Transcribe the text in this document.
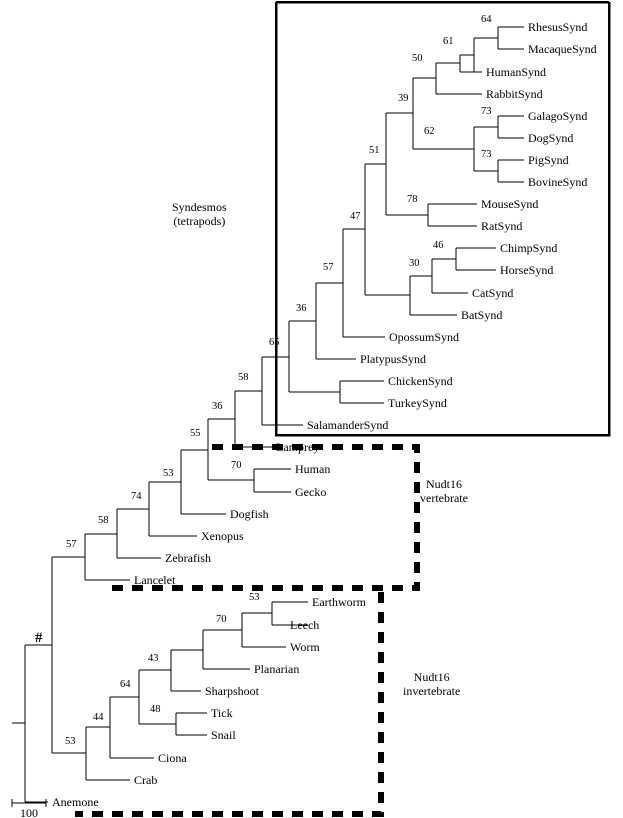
RhesusSynd
MacaqueSynd
HumanSynd
RabbitSynd
GalagoSynd
DogSynd
PigSynd
BovineSynd
MouseSynd
RatSynd
ChimpSynd
HorseSynd
CatSynd
BatSynd
OpossumSynd
PlatypusSynd
ChickenSynd
TurkeySynd
SalamanderSynd
Lamprey
Human
Gecko
Dogfish
Xenopus
Zebrafish
Lancelet
Earthworm
Leech
Worm
Planarian
Sharpshoot
Tick
Snail
Ciona
Crab
Anemone
64
61
50
39
73
62
73
51
78
47
46
30
57
36
65
58
36
55
70
53
74
58
57
53
70
43
64
48
44
53
Syndesmos
(tetrapods)
Nudt16
vertebrate
Nudt16
invertebrate
#
100
